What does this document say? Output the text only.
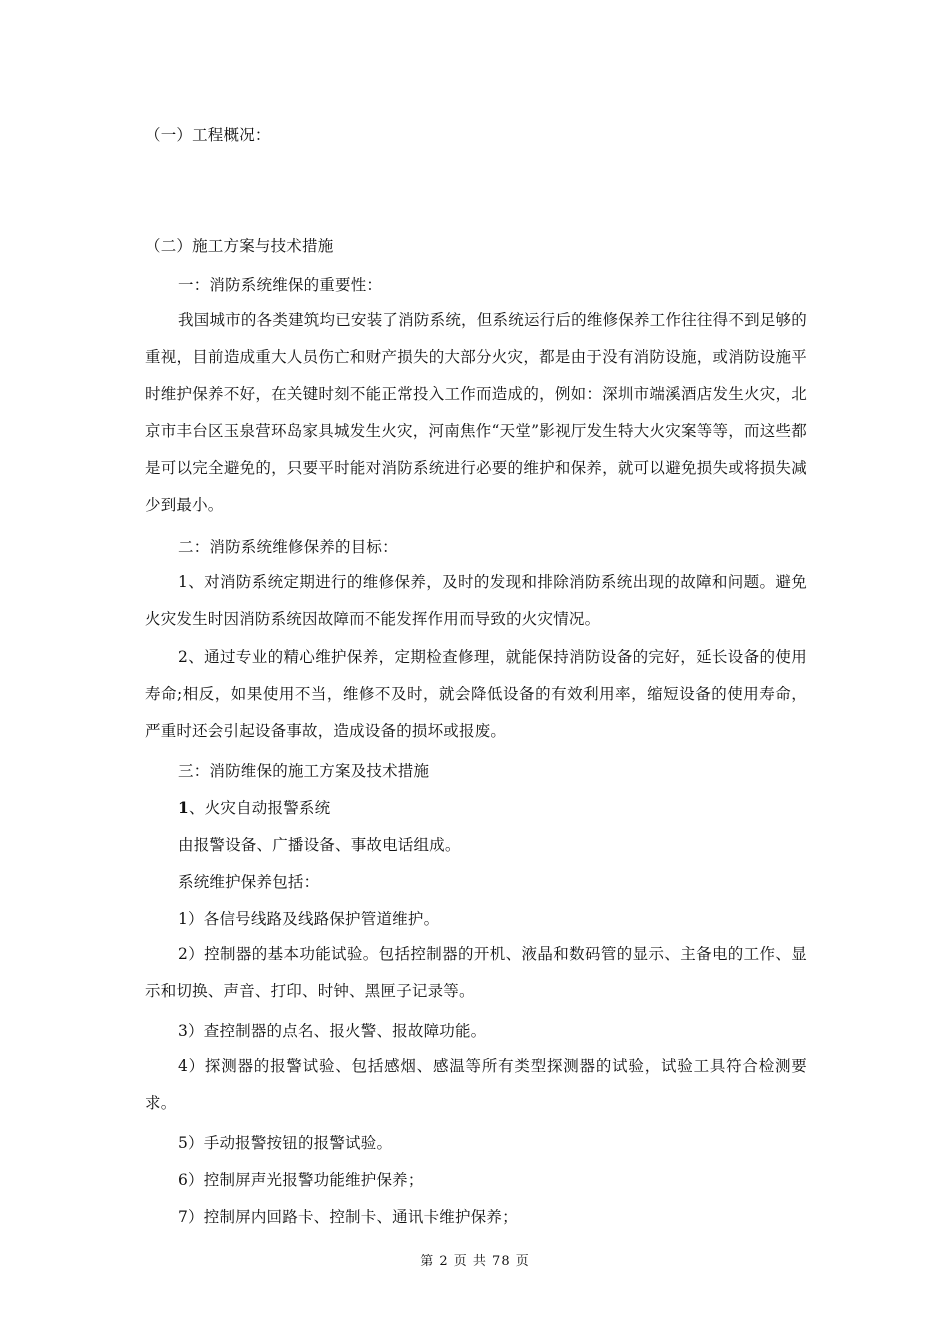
（一）工程概况：
（二）施工方案与技术措施
一：消防系统维保的重要性：
我国城市的各类建筑均已安装了消防系统，但系统运行后的维修保养工作往往得不到足够的重视，目前造成重大人员伤亡和财产损失的大部分火灾，都是由于没有消防设施，或消防设施平时维护保养不好，在关键时刻不能正常投入工作而造成的，例如：深圳市端溪酒店发生火灾，北京市丰台区玉泉营环岛家具城发生火灾，河南焦作“天堂”影视厅发生特大火灾案等等，而这些都是可以完全避免的，只要平时能对消防系统进行必要的维护和保养，就可以避免损失或将损失减少到最小。
二：消防系统维修保养的目标：
1、对消防系统定期进行的维修保养，及时的发现和排除消防系统出现的故障和问题。避免火灾发生时因消防系统因故障而不能发挥作用而导致的火灾情况。
2、通过专业的精心维护保养，定期检查修理，就能保持消防设备的完好，延长设备的使用寿命;相反，如果使用不当，维修不及时，就会降低设备的有效利用率，缩短设备的使用寿命，严重时还会引起设备事故，造成设备的损坏或报废。
三：消防维保的施工方案及技术措施
1、火灾自动报警系统
由报警设备、广播设备、事故电话组成。
系统维护保养包括：
1）各信号线路及线路保护管道维护。
2）控制器的基本功能试验。包括控制器的开机、液晶和数码管的显示、主备电的工作、显示和切换、声音、打印、时钟、黑匣子记录等。
3）查控制器的点名、报火警、报故障功能。
4）探测器的报警试验、包括感烟、感温等所有类型探测器的试验，试验工具符合检测要求。
5）手动报警按钮的报警试验。
6）控制屏声光报警功能维护保养；
7）控制屏内回路卡、控制卡、通讯卡维护保养；
第 2 页 共 78 页
